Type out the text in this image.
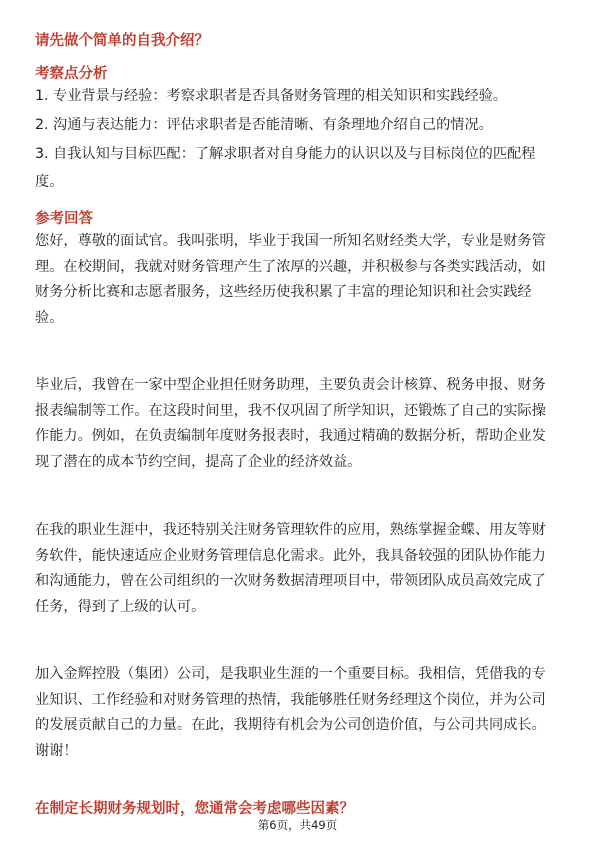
请先做个简单的自我介绍？
考察点分析

1. 专业背景与经验：考察求职者是否具备财务管理的相关知识和实践经验。

2. 沟通与表达能力：评估求职者是否能清晰、有条理地介绍自己的情况。

3. 自我认知与目标匹配：了解求职者对自身能力的认识以及与目标岗位的匹配程

度。

参考回答
您好，尊敬的面试官。我叫张明，毕业于我国一所知名财经类大学，专业是财务管
理。在校期间，我就对财务管理产生了浓厚的兴趣，并积极参与各类实践活动，如
财务分析比赛和志愿者服务，这些经历使我积累了丰富的理论知识和社会实践经
验。
毕业后，我曾在一家中型企业担任财务助理，主要负责会计核算、税务申报、财务
报表编制等工作。在这段时间里，我不仅巩固了所学知识，还锻炼了自己的实际操
作能力。例如，在负责编制年度财务报表时，我通过精确的数据分析，帮助企业发
现了潜在的成本节约空间，提高了企业的经济效益。
在我的职业生涯中，我还特别关注财务管理软件的应用，熟练掌握金蝶、用友等财
务软件，能快速适应企业财务管理信息化需求。此外，我具备较强的团队协作能力
和沟通能力，曾在公司组织的一次财务数据清理项目中，带领团队成员高效完成了
任务，得到了上级的认可。
加入金辉控股（集团）公司，是我职业生涯的一个重要目标。我相信，凭借我的专
业知识、工作经验和对财务管理的热情，我能够胜任财务经理这个岗位，并为公司
的发展贡献自己的力量。在此，我期待有机会为公司创造价值，与公司共同成长。
谢谢！
在制定长期财务规划时，您通常会考虑哪些因素？
第6页，共49页
